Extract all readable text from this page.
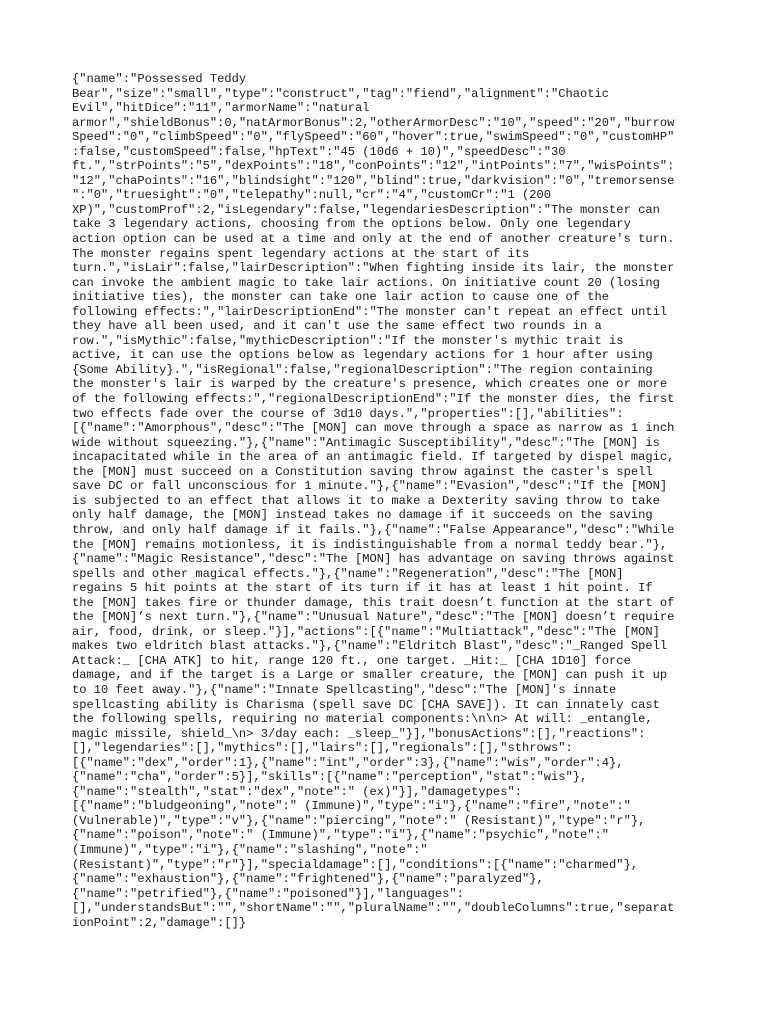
{"name":"Possessed Teddy
Bear","size":"small","type":"construct","tag":"fiend","alignment":"Chaotic
Evil","hitDice":"11","armorName":"natural
armor","shieldBonus":0,"natArmorBonus":2,"otherArmorDesc":"10","speed":"20","burrow
Speed":"0","climbSpeed":"0","flySpeed":"60","hover":true,"swimSpeed":"0","customHP"
:false,"customSpeed":false,"hpText":"45 (10d6 + 10)","speedDesc":"30
ft.","strPoints":"5","dexPoints":"18","conPoints":"12","intPoints":"7","wisPoints":
"12","chaPoints":"16","blindsight":"120","blind":true,"darkvision":"0","tremorsense
":"0","truesight":"0","telepathy":null,"cr":"4","customCr":"1 (200
XP)","customProf":2,"isLegendary":false,"legendariesDescription":"The monster can
take 3 legendary actions, choosing from the options below. Only one legendary
action option can be used at a time and only at the end of another creature's turn.
The monster regains spent legendary actions at the start of its
turn.","isLair":false,"lairDescription":"When fighting inside its lair, the monster
can invoke the ambient magic to take lair actions. On initiative count 20 (losing
initiative ties), the monster can take one lair action to cause one of the
following effects:","lairDescriptionEnd":"The monster can't repeat an effect until
they have all been used, and it can't use the same effect two rounds in a
row.","isMythic":false,"mythicDescription":"If the monster's mythic trait is
active, it can use the options below as legendary actions for 1 hour after using
{Some Ability}.","isRegional":false,"regionalDescription":"The region containing
the monster's lair is warped by the creature's presence, which creates one or more
of the following effects:","regionalDescriptionEnd":"If the monster dies, the first
two effects fade over the course of 3d10 days.","properties":[],"abilities":
[{"name":"Amorphous","desc":"The [MON] can move through a space as narrow as 1 inch
wide without squeezing."},{"name":"Antimagic Susceptibility","desc":"The [MON] is
incapacitated while in the area of an antimagic field. If targeted by dispel magic,
the [MON] must succeed on a Constitution saving throw against the caster's spell
save DC or fall unconscious for 1 minute."},{"name":"Evasion","desc":"If the [MON]
is subjected to an effect that allows it to make a Dexterity saving throw to take
only half damage, the [MON] instead takes no damage if it succeeds on the saving
throw, and only half damage if it fails."},{"name":"False Appearance","desc":"While
the [MON] remains motionless, it is indistinguishable from a normal teddy bear."},
{"name":"Magic Resistance","desc":"The [MON] has advantage on saving throws against
spells and other magical effects."},{"name":"Regeneration","desc":"The [MON]
regains 5 hit points at the start of its turn if it has at least 1 hit point. If
the [MON] takes fire or thunder damage, this trait doesn’t function at the start of
the [MON]’s next turn."},{"name":"Unusual Nature","desc":"The [MON] doesn’t require
air, food, drink, or sleep."}],"actions":[{"name":"Multiattack","desc":"The [MON]
makes two eldritch blast attacks."},{"name":"Eldritch Blast","desc":"_Ranged Spell
Attack:_ [CHA ATK] to hit, range 120 ft., one target. _Hit:_ [CHA 1D10] force
damage, and if the target is a Large or smaller creature, the [MON] can push it up
to 10 feet away."},{"name":"Innate Spellcasting","desc":"The [MON]'s innate
spellcasting ability is Charisma (spell save DC [CHA SAVE]). It can innately cast
the following spells, requiring no material components:\n\n> At will: _entangle,
magic missile, shield_\n> 3/day each: _sleep_"}],"bonusActions":[],"reactions":
[],"legendaries":[],"mythics":[],"lairs":[],"regionals":[],"sthrows":
[{"name":"dex","order":1},{"name":"int","order":3},{"name":"wis","order":4},
{"name":"cha","order":5}],"skills":[{"name":"perception","stat":"wis"},
{"name":"stealth","stat":"dex","note":" (ex)"}],"damagetypes":
[{"name":"bludgeoning","note":" (Immune)","type":"i"},{"name":"fire","note":"
(Vulnerable)","type":"v"},{"name":"piercing","note":" (Resistant)","type":"r"},
{"name":"poison","note":" (Immune)","type":"i"},{"name":"psychic","note":"
(Immune)","type":"i"},{"name":"slashing","note":"
(Resistant)","type":"r"}],"specialdamage":[],"conditions":[{"name":"charmed"},
{"name":"exhaustion"},{"name":"frightened"},{"name":"paralyzed"},
{"name":"petrified"},{"name":"poisoned"}],"languages":
[],"understandsBut":"","shortName":"","pluralName":"","doubleColumns":true,"separat
ionPoint":2,"damage":[]}
